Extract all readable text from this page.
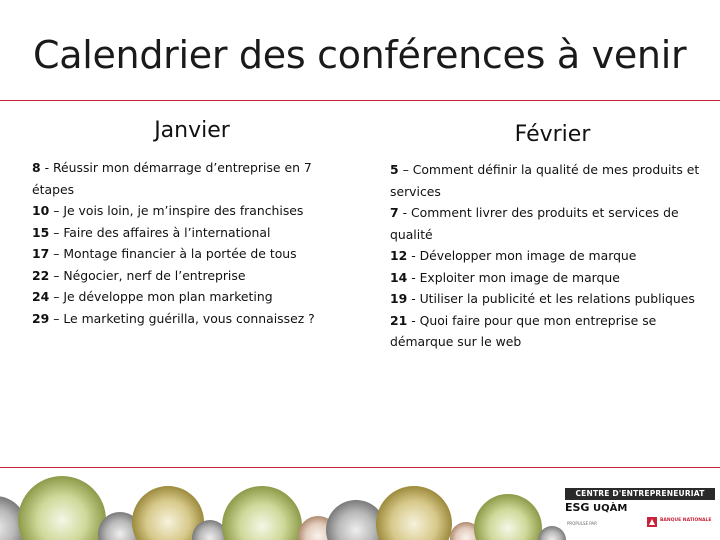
Calendrier des conférences à venir
Janvier
8 - Réussir mon démarrage d’entreprise en 7 étapes
10 – Je vois loin, je m’inspire des franchises
15 – Faire des affaires à l’international
17 – Montage financier à la portée de tous
22 – Négocier, nerf de l’entreprise
24 – Je développe mon plan marketing
29 – Le marketing guérilla, vous connaissez ?
Février
5 – Comment définir la qualité de mes produits et services
7 - Comment livrer des produits et services de qualité
12 - Développer mon image de marque
14 - Exploiter mon image de marque
19 - Utiliser la publicité et les relations publiques
21 - Quoi faire pour que mon entreprise se démarque sur le web
CENTRE D'ENTREPRENEURIAT
ESG UQÀM
PROPULSÉ PAR
BANQUE NATIONALE
